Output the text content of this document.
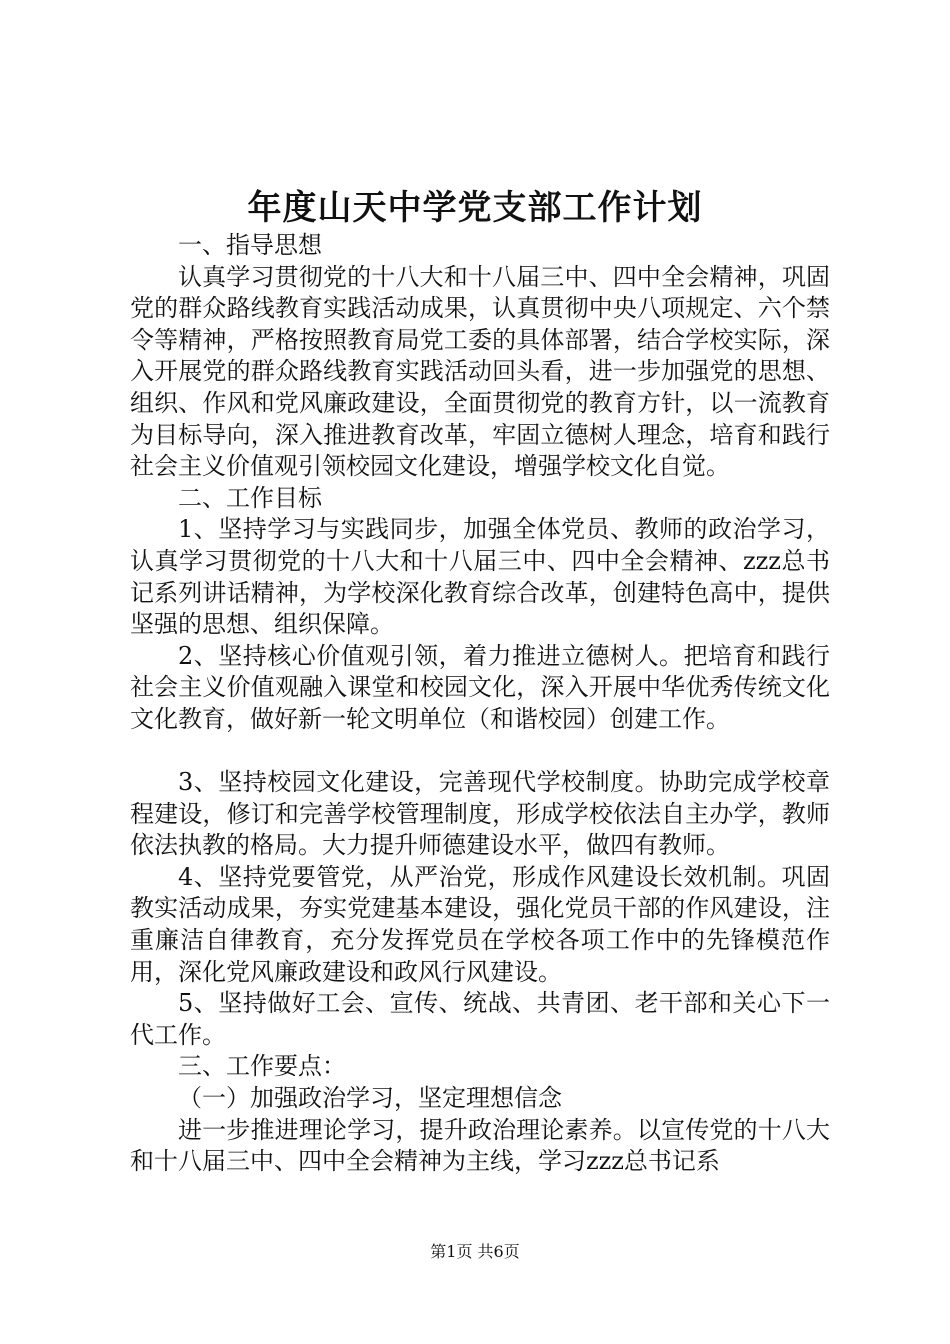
年度山天中学党支部工作计划

一、指导思想

认真学习贯彻党的十八大和十八届三中、四中全会精神，巩固党的群众路线教育实践活动成果，认真贯彻中央八项规定、六个禁令等精神，严格按照教育局党工委的具体部署，结合学校实际，深入开展党的群众路线教育实践活动回头看，进一步加强党的思想、组织、作风和党风廉政建设，全面贯彻党的教育方针，以一流教育为目标导向，深入推进教育改革，牢固立德树人理念，培育和践行社会主义价值观引领校园文化建设，增强学校文化自觉。

二、工作目标

1、坚持学习与实践同步，加强全体党员、教师的政治学习，认真学习贯彻党的十八大和十八届三中、四中全会精神、zzz总书记系列讲话精神，为学校深化教育综合改革，创建特色高中，提供坚强的思想、组织保障。

2、坚持核心价值观引领，着力推进立德树人。把培育和践行社会主义价值观融入课堂和校园文化，深入开展中华优秀传统文化文化教育，做好新一轮文明单位（和谐校园）创建工作。

3、坚持校园文化建设，完善现代学校制度。协助完成学校章程建设，修订和完善学校管理制度，形成学校依法自主办学，教师依法执教的格局。大力提升师德建设水平，做四有教师。

4、坚持党要管党，从严治党，形成作风建设长效机制。巩固教实活动成果，夯实党建基本建设，强化党员干部的作风建设，注重廉洁自律教育，充分发挥党员在学校各项工作中的先锋模范作用，深化党风廉政建设和政风行风建设。

5、坚持做好工会、宣传、统战、共青团、老干部和关心下一代工作。

三、工作要点：

（一）加强政治学习，坚定理想信念

进一步推进理论学习，提升政治理论素养。以宣传党的十八大和十八届三中、四中全会精神为主线，学习zzz总书记系

第1页 共6页
